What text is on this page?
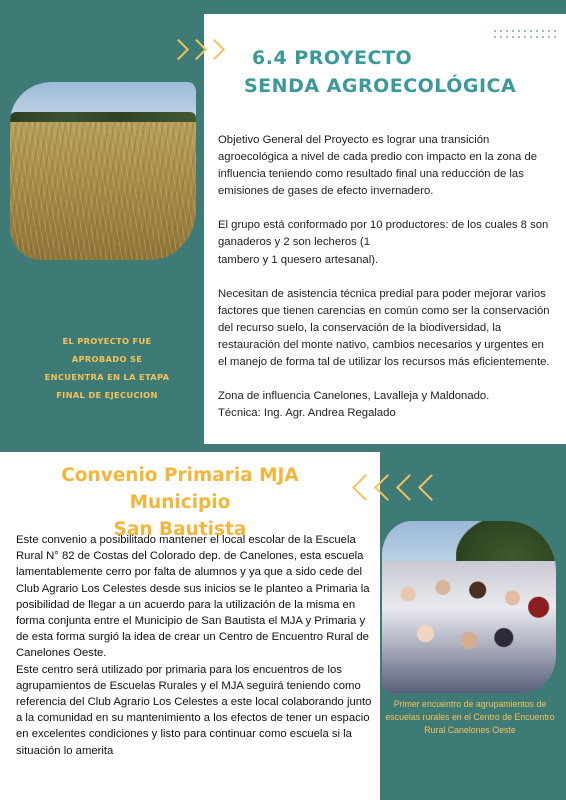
6.4 PROYECTO
SENDA AGROECOLÓGICA

Objetivo General del Proyecto es lograr una transición agroecológica a nivel de cada predio con impacto en la zona de influencia teniendo como resultado final una reducción de las emisiones de gases de efecto invernadero.

El grupo está conformado por 10 productores: de los cuales 8 son ganaderos y 2 son lecheros (1

tambero y 1 quesero artesanal).

Necesitan de asistencia técnica predial para poder mejorar varios factores que tienen carencias en común como ser la conservación del recurso suelo, la conservación de la biodiversidad, la restauración del monte nativo, cambios necesarios y urgentes en el manejo de forma tal de utilizar los recursos más eficientemente.

Zona de influencia Canelones, Lavalleja y Maldonado.

Técnica: Ing. Agr. Andrea Regalado

EL PROYECTO FUE
APROBADO SE
ENCUENTRA EN LA ETAPA
FINAL DE EJECUCION
Convenio Primaria MJA Municipio
San Bautista

Este convenio a posibilitado mantener el local escolar de la Escuela Rural N° 82 de Costas del Colorado dep. de Canelones, esta escuela lamentablemente cerro por falta de alumnos y ya que a sido cede del Club Agrario Los Celestes desde sus inicios se le planteo a Primaria la posibilidad de llegar a un acuerdo para la utilización de la misma en forma conjunta entre el Municipio de San Bautista el MJA y Primaria y de esta forma surgió la idea de crear un Centro de Encuentro Rural de Canelones Oeste.

Este centro será utilizado por primaria para los encuentros de los agrupamientos de Escuelas Rurales y el MJA seguirá teniendo como referencia del Club Agrario Los Celestes a este local colaborando junto a la comunidad en su mantenimiento a los efectos de tener un espacio en excelentes condiciones y listo para continuar como escuela si la situación lo amerita

Primer encuentro de agrupamientos de escuelas rurales en el Centro de Encuentro Rural Canelones Oeste
